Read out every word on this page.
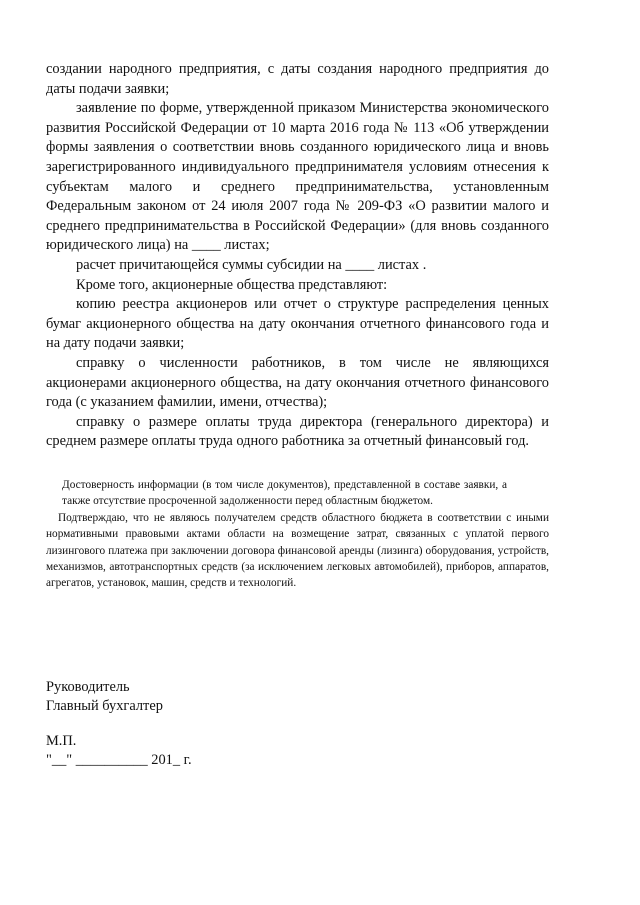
создании народного предприятия, с даты создания народного предприятия до даты подачи заявки;

заявление по форме, утвержденной приказом Министерства экономического развития Российской Федерации от 10 марта 2016 года № 113 «Об утверждении формы заявления о соответствии вновь созданного юридического лица и вновь зарегистрированного индивидуального предпринимателя условиям отнесения к субъектам малого и среднего предпринимательства, установленным Федеральным законом от 24 июля 2007 года № 209-ФЗ «О развитии малого и среднего предпринимательства в Российской Федерации» (для вновь созданного юридического лица) на ____ листах;

расчет причитающейся суммы субсидии на ____ листах .

Кроме того, акционерные общества представляют:

копию реестра акционеров или отчет о структуре распределения ценных бумаг акционерного общества на дату окончания отчетного финансового года и на дату подачи заявки;

справку о численности работников, в том числе не являющихся акционерами акционерного общества, на дату окончания отчетного финансового года (с указанием фамилии, имени, отчества);

справку о размере оплаты труда директора (генерального директора) и среднем размере оплаты труда одного работника за отчетный финансовый год.

Достоверность информации (в том числе документов), представленной в составе заявки, а также отсутствие просроченной задолженности перед областным бюджетом.

Подтверждаю, что не являюсь получателем средств областного бюджета в соответствии с иными нормативными правовыми актами области на возмещение затрат, связанных с уплатой первого лизингового платежа при заключении договора финансовой аренды (лизинга) оборудования, устройств, механизмов, автотранспортных средств (за исключением легковых автомобилей), приборов, аппаратов, агрегатов, установок, машин, средств и технологий.

Руководитель
Главный бухгалтер
М.П.
"__" __________ 201_ г.
